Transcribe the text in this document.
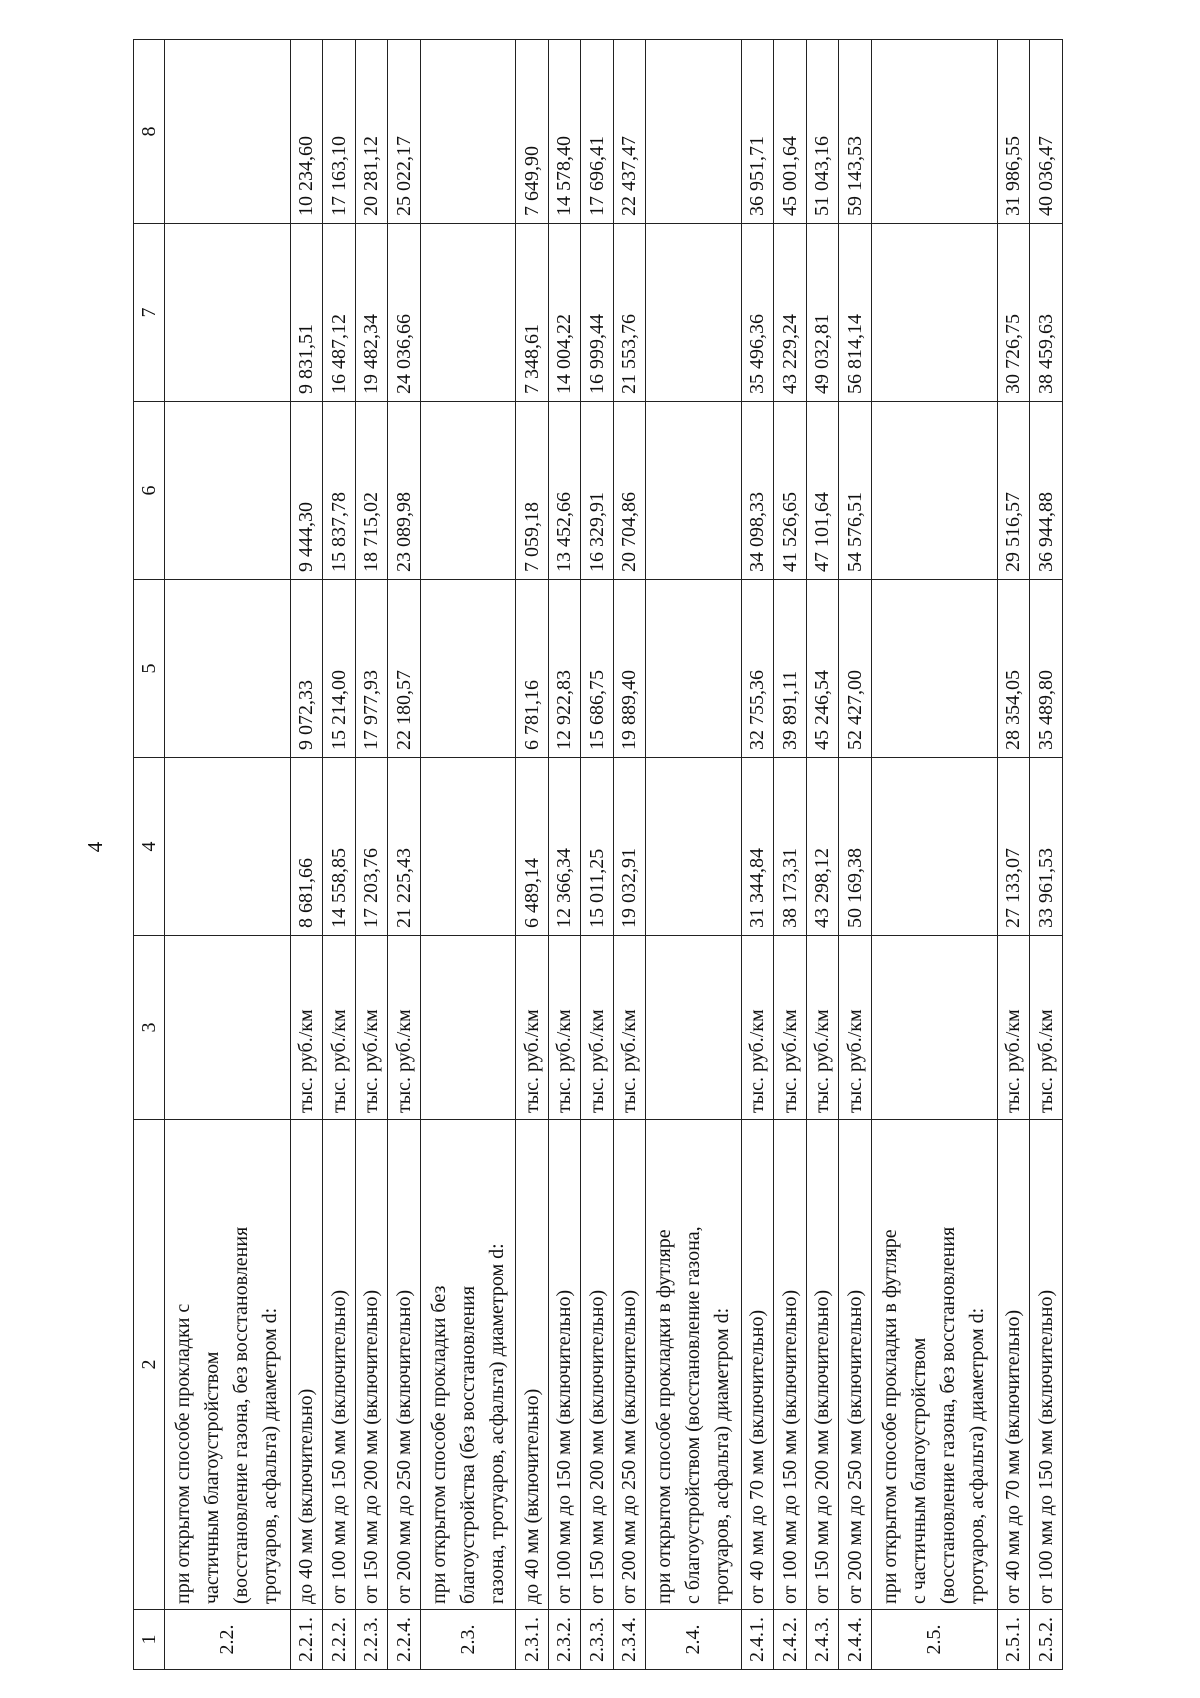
4
1	2	3	4	5	6	7	8
2.2.	при открытом способе прокладки с частичным благоустройством (восстановление газона, без восстановления тротуаров, асфальта) диаметром d:						

2.2.1.	до 40 мм (включительно)	тыс. руб./км	8 681,66	9 072,33	9 444,30	9 831,51	10 234,60
2.2.2.	от 100 мм до 150 мм (включительно)	тыс. руб./км	14 558,85	15 214,00	15 837,78	16 487,12	17 163,10
2.2.3.	от 150 мм до 200 мм (включительно)	тыс. руб./км	17 203,76	17 977,93	18 715,02	19 482,34	20 281,12
2.2.4.	от 200 мм до 250 мм (включительно)	тыс. руб./км	21 225,43	22 180,57	23 089,98	24 036,66	25 022,17
2.3.	при открытом способе прокладки без благоустройства (без восстановления газона, тротуаров, асфальта) диаметром d:						

2.3.1.	до 40 мм (включительно)	тыс. руб./км	6 489,14	6 781,16	7 059,18	7 348,61	7 649,90
2.3.2.	от 100 мм до 150 мм (включительно)	тыс. руб./км	12 366,34	12 922,83	13 452,66	14 004,22	14 578,40
2.3.3.	от 150 мм до 200 мм (включительно)	тыс. руб./км	15 011,25	15 686,75	16 329,91	16 999,44	17 696,41
2.3.4.	от 200 мм до 250 мм (включительно)	тыс. руб./км	19 032,91	19 889,40	20 704,86	21 553,76	22 437,47
2.4.	при открытом способе прокладки в футляре с благоустройством (восстановление газона, тротуаров, асфальта) диаметром d:						

2.4.1.	от 40 мм до 70 мм (включительно)	тыс. руб./км	31 344,84	32 755,36	34 098,33	35 496,36	36 951,71
2.4.2.	от 100 мм до 150 мм (включительно)	тыс. руб./км	38 173,31	39 891,11	41 526,65	43 229,24	45 001,64
2.4.3.	от 150 мм до 200 мм (включительно)	тыс. руб./км	43 298,12	45 246,54	47 101,64	49 032,81	51 043,16
2.4.4.	от 200 мм до 250 мм (включительно)	тыс. руб./км	50 169,38	52 427,00	54 576,51	56 814,14	59 143,53
2.5.	при открытом способе прокладки в футляре с частичным благоустройством (восстановление газона, без восстановления тротуаров, асфальта) диаметром d:						

2.5.1.	от 40 мм до 70 мм (включительно)	тыс. руб./км	27 133,07	28 354,05	29 516,57	30 726,75	31 986,55
2.5.2.	от 100 мм до 150 мм (включительно)	тыс. руб./км	33 961,53	35 489,80	36 944,88	38 459,63	40 036,47
